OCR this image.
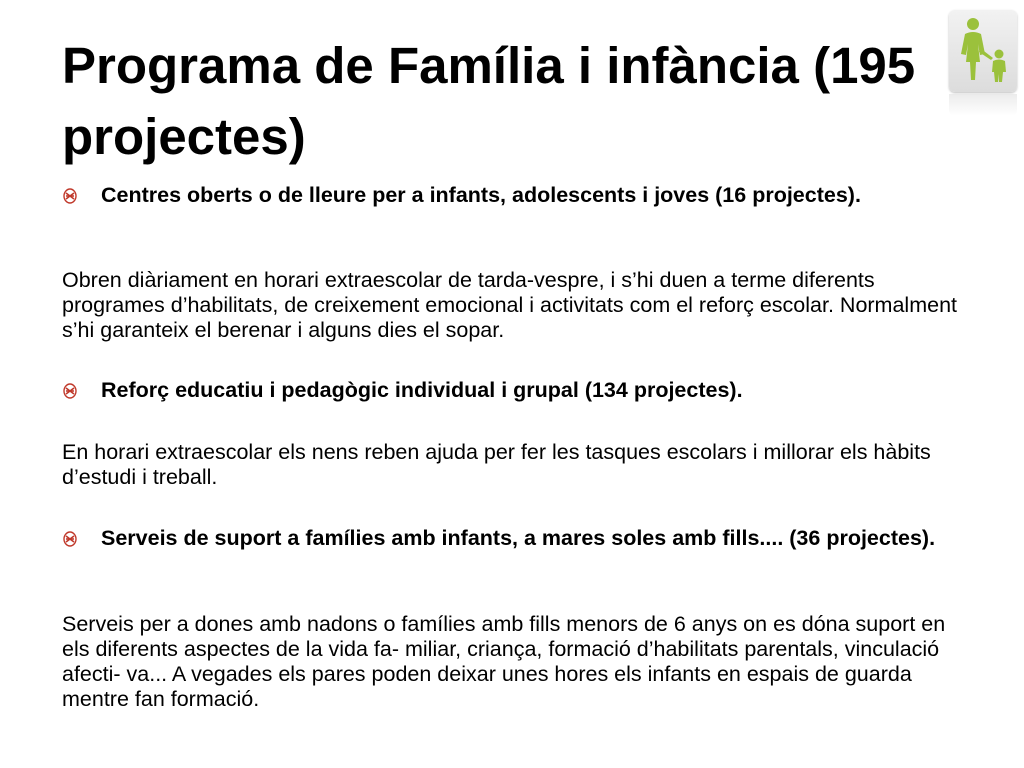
Programa de Família i infància (195 projectes)
Centres oberts o de lleure per a infants, adolescents i joves (16 projectes).
Obren diàriament en horari extraescolar de tarda-vespre, i s’hi duen a terme diferents programes d’habilitats, de creixement emocional i activitats com el reforç escolar. Normalment s’hi garanteix el berenar i alguns dies el sopar.
Reforç educatiu i pedagògic individual i grupal (134 projectes).
En horari extraescolar els nens reben ajuda per fer les tasques escolars i millorar els hàbits d’estudi i treball.
Serveis de suport a famílies amb infants, a mares soles amb fills.... (36 projectes).
Serveis per a dones amb nadons o famílies amb fills menors de 6 anys on es dóna suport en els diferents aspectes de la vida fa- miliar, criança, formació d’habilitats parentals, vinculació afecti- va... A vegades els pares poden deixar unes hores els infants en espais de guarda mentre fan formació.
